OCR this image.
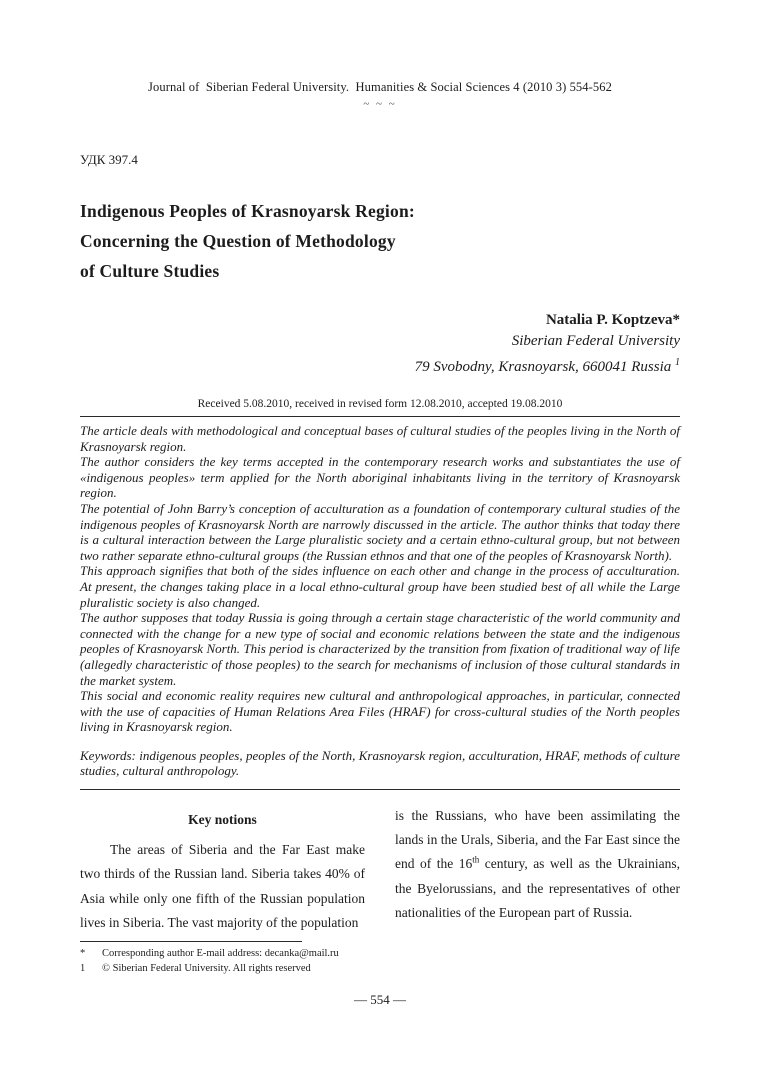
Journal of  Siberian Federal University.  Humanities & Social Sciences 4 (2010 3) 554-562
~ ~ ~
УДК 397.4
Indigenous Peoples of Krasnoyarsk Region:
Concerning the Question of Methodology
of Culture Studies
Natalia P. Koptzeva*
Siberian Federal University
79 Svobodny, Krasnoyarsk, 660041 Russia $^1$
Received 5.08.2010, received in revised form 12.08.2010, accepted 19.08.2010

The article deals with methodological and conceptual bases of cultural studies of the peoples living in the North of Krasnoyarsk region.

The author considers the key terms accepted in the contemporary research works and substantiates the use of «indigenous peoples» term applied for the North aboriginal inhabitants living in the territory of Krasnoyarsk region.

The potential of John Barry’s conception of acculturation as a foundation of contemporary cultural studies of the indigenous peoples of Krasnoyarsk North are narrowly discussed in the article. The author thinks that today there is a cultural interaction between the Large pluralistic society and a certain ethno-cultural group, but not between two rather separate ethno-cultural groups (the Russian ethnos and that one of the peoples of Krasnoyarsk North).

This approach signifies that both of the sides influence on each other and change in the process of acculturation. At present, the changes taking place in a local ethno-cultural group have been studied best of all while the Large pluralistic society is also changed.

The author supposes that today Russia is going through a certain stage characteristic of the world community and connected with the change for a new type of social and economic relations between the state and the indigenous peoples of Krasnoyarsk North. This period is characterized by the transition from fixation of traditional way of life (allegedly characteristic of those peoples) to the search for mechanisms of inclusion of those cultural standards in the market system.

This social and economic reality requires new cultural and anthropological approaches, in particular, connected with the use of capacities of Human Relations Area Files (HRAF) for cross-cultural studies of the North peoples living in Krasnoyarsk region.

Keywords: indigenous peoples, peoples of the North, Krasnoyarsk region, acculturation, HRAF, methods of culture studies, cultural anthropology.
Key notions

The areas of Siberia and the Far East make two thirds of the Russian land. Siberia takes 40% of Asia while only one fifth of the Russian population lives in Siberia. The vast majority of the population

is the Russians, who have been assimilating the lands in the Urals, Siberia, and the Far East since the end of the 16th century, as well as the Ukrainians, the Byelorussians, and the representatives of other nationalities of the European part of Russia.

*	Corresponding author E-mail address: decanka@mail.ru
1	© Siberian Federal University. All rights reserved
— 554 —
